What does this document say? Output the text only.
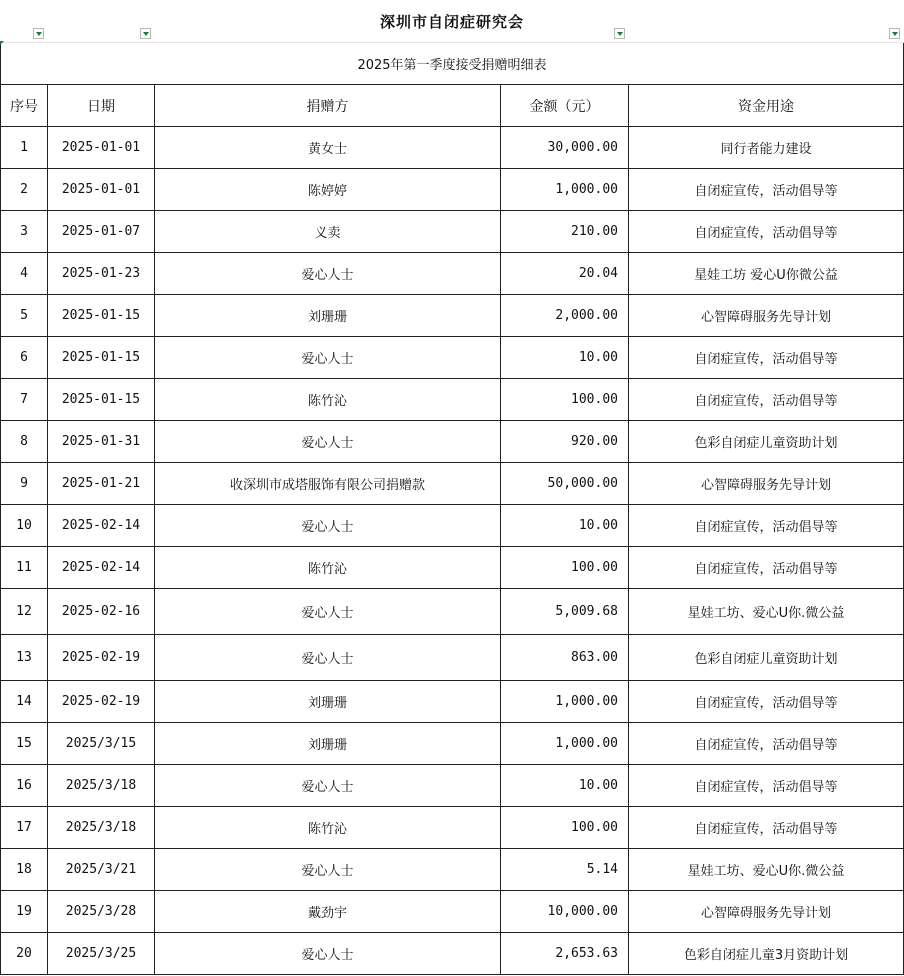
深圳市自闭症研究会
2025年第一季度接受捐赠明细表
序号	日期	捐赠方	金额（元）	资金用途
1	2025-01-01	黄女士	30,000.00	同行者能力建设
2	2025-01-01	陈婷婷	1,000.00	自闭症宣传，活动倡导等
3	2025-01-07	义卖	210.00	自闭症宣传，活动倡导等
4	2025-01-23	爱心人士	20.04	星娃工坊 爱心U你微公益
5	2025-01-15	刘珊珊	2,000.00	心智障碍服务先导计划
6	2025-01-15	爱心人士	10.00	自闭症宣传，活动倡导等
7	2025-01-15	陈竹沁	100.00	自闭症宣传，活动倡导等
8	2025-01-31	爱心人士	920.00	色彩自闭症儿童资助计划
9	2025-01-21	收深圳市成塔服饰有限公司捐赠款	50,000.00	心智障碍服务先导计划
10	2025-02-14	爱心人士	10.00	自闭症宣传，活动倡导等
11	2025-02-14	陈竹沁	100.00	自闭症宣传，活动倡导等
12	2025-02-16	爱心人士	5,009.68	星娃工坊、爱心U你.微公益
13	2025-02-19	爱心人士	863.00	色彩自闭症儿童资助计划
14	2025-02-19	刘珊珊	1,000.00	自闭症宣传，活动倡导等
15	2025/3/15	刘珊珊	1,000.00	自闭症宣传，活动倡导等
16	2025/3/18	爱心人士	10.00	自闭症宣传，活动倡导等
17	2025/3/18	陈竹沁	100.00	自闭症宣传，活动倡导等
18	2025/3/21	爱心人士	5.14	星娃工坊、爱心U你.微公益
19	2025/3/28	戴劲宇	10,000.00	心智障碍服务先导计划
20	2025/3/25	爱心人士	2,653.63	色彩自闭症儿童3月资助计划
